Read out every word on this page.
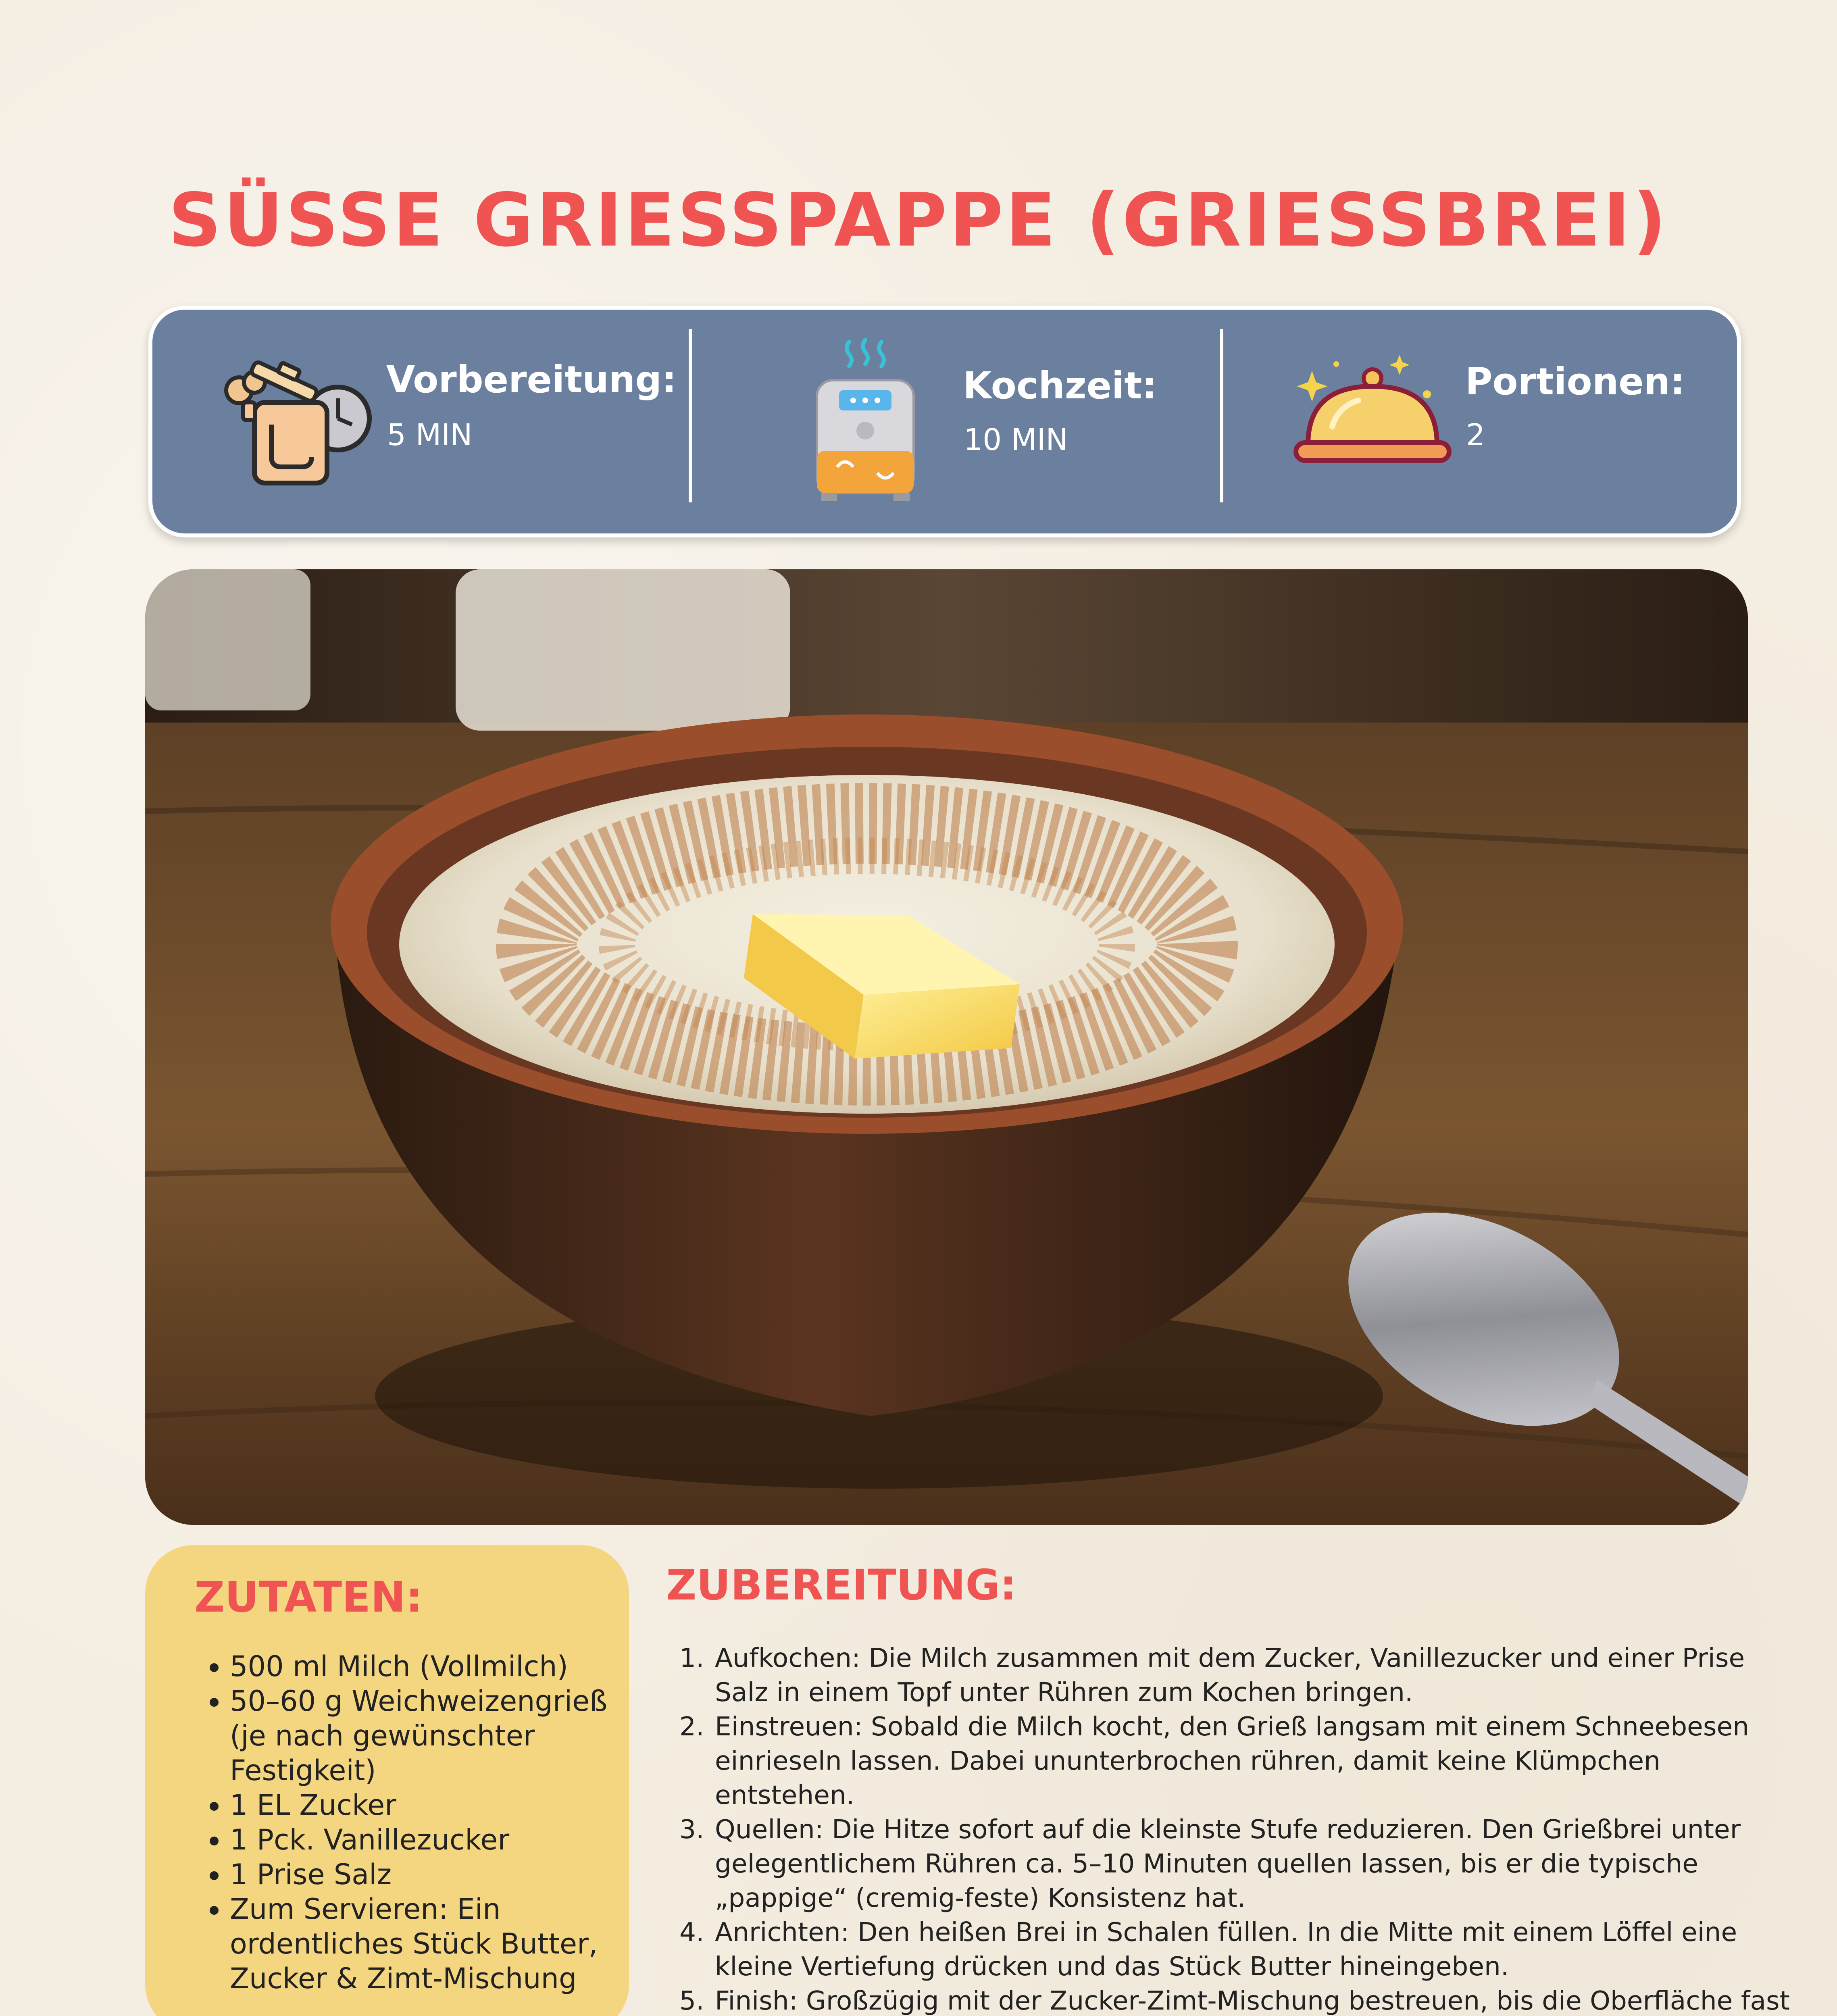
SÜSSE GRIESSPAPPE (GRIESSBREI)
Vorbereitung:
5 MIN
Kochzeit:
10 MIN
Portionen:
2
ZUTATEN:
• 500 ml Milch (Vollmilch)
• 50–60 g Weichweizengrieß (je nach gewünschter Festigkeit)
• 1 EL Zucker
• 1 Pck. Vanillezucker
• 1 Prise Salz
• Zum Servieren: Ein ordentliches Stück Butter, Zucker & Zimt-Mischung
ZUBEREITUNG:
1. Aufkochen: Die Milch zusammen mit dem Zucker, Vanillezucker und einer Prise Salz in einem Topf unter Rühren zum Kochen bringen.
2. Einstreuen: Sobald die Milch kocht, den Grieß langsam mit einem Schneebesen einrieseln lassen. Dabei ununterbrochen rühren, damit keine Klümpchen entstehen.
3. Quellen: Die Hitze sofort auf die kleinste Stufe reduzieren. Den Grießbrei unter gelegentlichem Rühren ca. 5–10 Minuten quellen lassen, bis er die typische „pappige“ (cremig-feste) Konsistenz hat.
4. Anrichten: Den heißen Brei in Schalen füllen. In die Mitte mit einem Löffel eine kleine Vertiefung drücken und das Stück Butter hineingeben.
5. Finish: Großzügig mit der Zucker-Zimt-Mischung bestreuen, bis die Oberfläche fast
